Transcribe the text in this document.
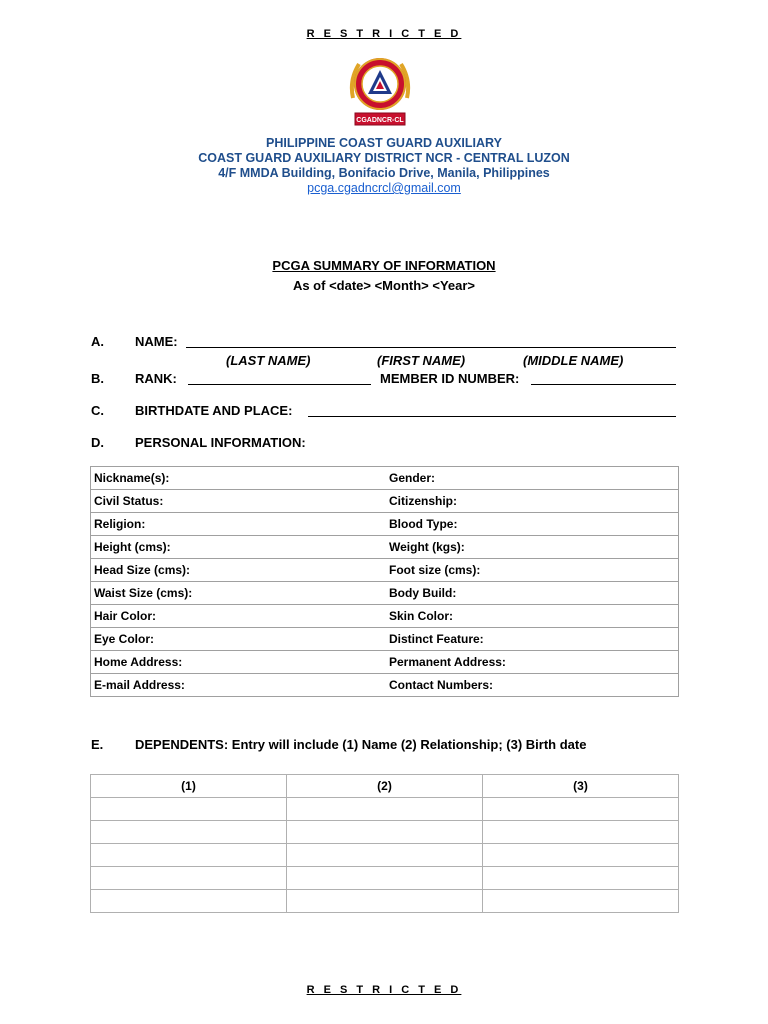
R E S T R I C T E D
CGADNCR-CL
PHILIPPINE COAST GUARD AUXILIARY
COAST GUARD AUXILIARY DISTRICT NCR - CENTRAL LUZON
4/F MMDA Building, Bonifacio Drive, Manila, Philippines
pcga.cgadncrcl@gmail.com
PCGA SUMMARY OF INFORMATION
As of <date> <Month> <Year>
A. NAME:
(LAST NAME)	(FIRST NAME)	(MIDDLE NAME)
B. RANK:	MEMBER ID NUMBER:
C. BIRTHDATE AND PLACE:
D. PERSONAL INFORMATION:
Nickname(s):	Gender:
Civil Status:	Citizenship:
Religion:	Blood Type:
Height (cms):	Weight (kgs):
Head Size (cms):	Foot size (cms):
Waist Size (cms):	Body Build:
Hair Color:	Skin Color:
Eye Color:	Distinct Feature:
Home Address:	Permanent Address:
E-mail Address:	Contact Numbers:
E. DEPENDENTS: Entry will include (1) Name (2) Relationship; (3) Birth date
(1)	(2)	(3)

R E S T R I C T E D
